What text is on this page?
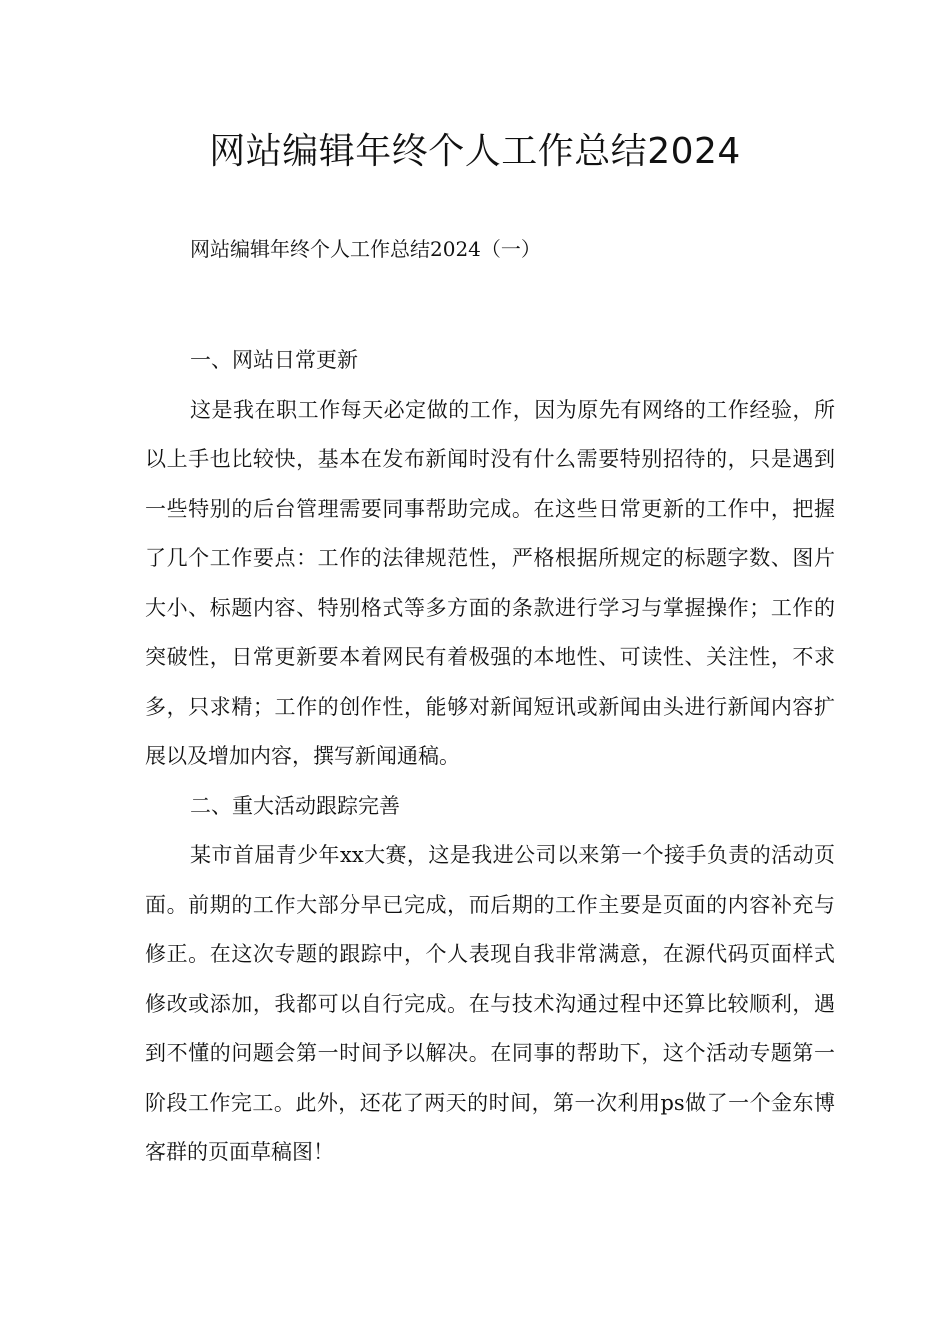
网站编辑年终个人工作总结2024

网站编辑年终个人工作总结2024（一）

一、网站日常更新

这是我在职工作每天必定做的工作，因为原先有网络的工作经验，所以上手也比较快，基本在发布新闻时没有什么需要特别招待的，只是遇到一些特别的后台管理需要同事帮助完成。在这些日常更新的工作中，把握了几个工作要点：工作的法律规范性，严格根据所规定的标题字数、图片大小、标题内容、特别格式等多方面的条款进行学习与掌握操作；工作的突破性，日常更新要本着网民有着极强的本地性、可读性、关注性，不求多，只求精；工作的创作性，能够对新闻短讯或新闻由头进行新闻内容扩展以及增加内容，撰写新闻通稿。

二、重大活动跟踪完善

某市首届青少年xx大赛，这是我进公司以来第一个接手负责的活动页面。前期的工作大部分早已完成，而后期的工作主要是页面的内容补充与修正。在这次专题的跟踪中，个人表现自我非常满意，在源代码页面样式修改或添加，我都可以自行完成。在与技术沟通过程中还算比较顺利，遇到不懂的问题会第一时间予以解决。在同事的帮助下，这个活动专题第一阶段工作完工。此外，还花了两天的时间，第一次利用ps做了一个金东博客群的页面草稿图！
